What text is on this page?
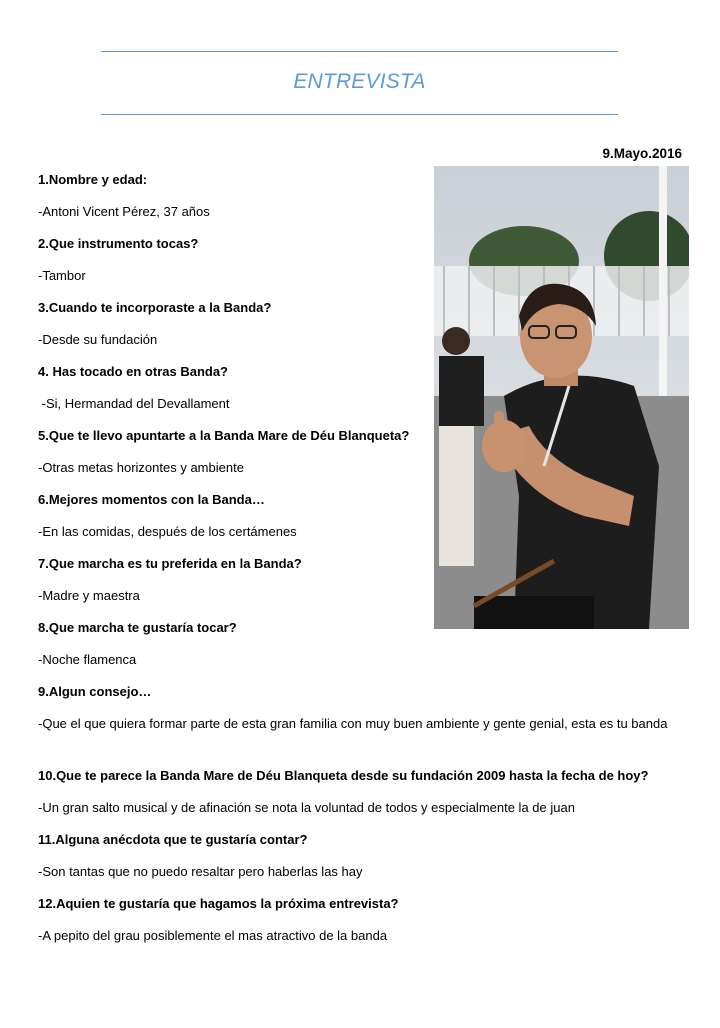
ENTREVISTA
9.Mayo.2016
1.Nombre y edad:
-Antoni Vicent Pérez, 37 años
2.Que instrumento tocas?
-Tambor
3.Cuando te incorporaste a la Banda?
-Desde su fundación
4. Has tocado en otras Banda?
-Si, Hermandad del Devallament
5.Que te llevo apuntarte a la Banda Mare de Déu Blanqueta?
-Otras metas horizontes y ambiente
6.Mejores momentos con la Banda…
-En las comidas, después de los certámenes
7.Que marcha es tu preferida en la Banda?
-Madre y maestra
8.Que marcha te gustaría tocar?
-Noche flamenca
9.Algun consejo…
-Que el que quiera formar parte de esta gran familia con muy buen ambiente y gente genial, esta es tu banda
10.Que te parece la Banda Mare de Déu Blanqueta desde su fundación 2009 hasta la fecha de hoy?
-Un gran salto musical y de afinación se nota la voluntad de todos y especialmente la de juan
11.Alguna anécdota que te gustaría contar?
-Son tantas que no puedo resaltar pero haberlas las hay
12.Aquien te gustaría que hagamos la próxima entrevista?
-A pepito del grau posiblemente el mas atractivo de la banda
